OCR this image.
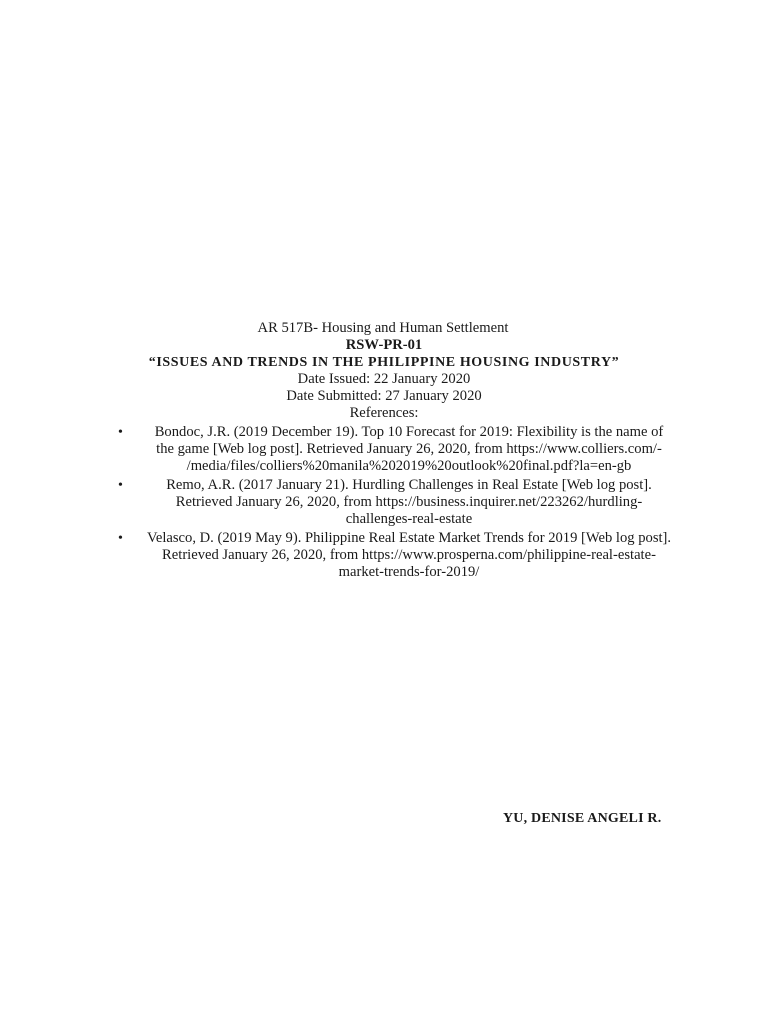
AR 517B- Housing and Human Settlement
RSW-PR-01
“ISSUES AND TRENDS IN THE PHILIPPINE HOUSING INDUSTRY”
Date Issued: 22 January 2020
Date Submitted: 27 January 2020
References:
•	Bondoc, J.R. (2019 December 19). Top 10 Forecast for 2019: Flexibility is the name of the game [Web log post]. Retrieved January 26, 2020, from https://www.colliers.com/- /media/files/colliers%20manila%202019%20outlook%20final.pdf?la=en-gb
•	Remo, A.R. (2017 January 21). Hurdling Challenges in Real Estate [Web log post]. Retrieved January 26, 2020, from https://business.inquirer.net/223262/hurdling-challenges-real-estate
•	Velasco, D. (2019 May 9). Philippine Real Estate Market Trends for 2019 [Web log post]. Retrieved January 26, 2020, from https://www.prosperna.com/philippine-real-estate-market-trends-for-2019/
YU, DENISE ANGELI R.
